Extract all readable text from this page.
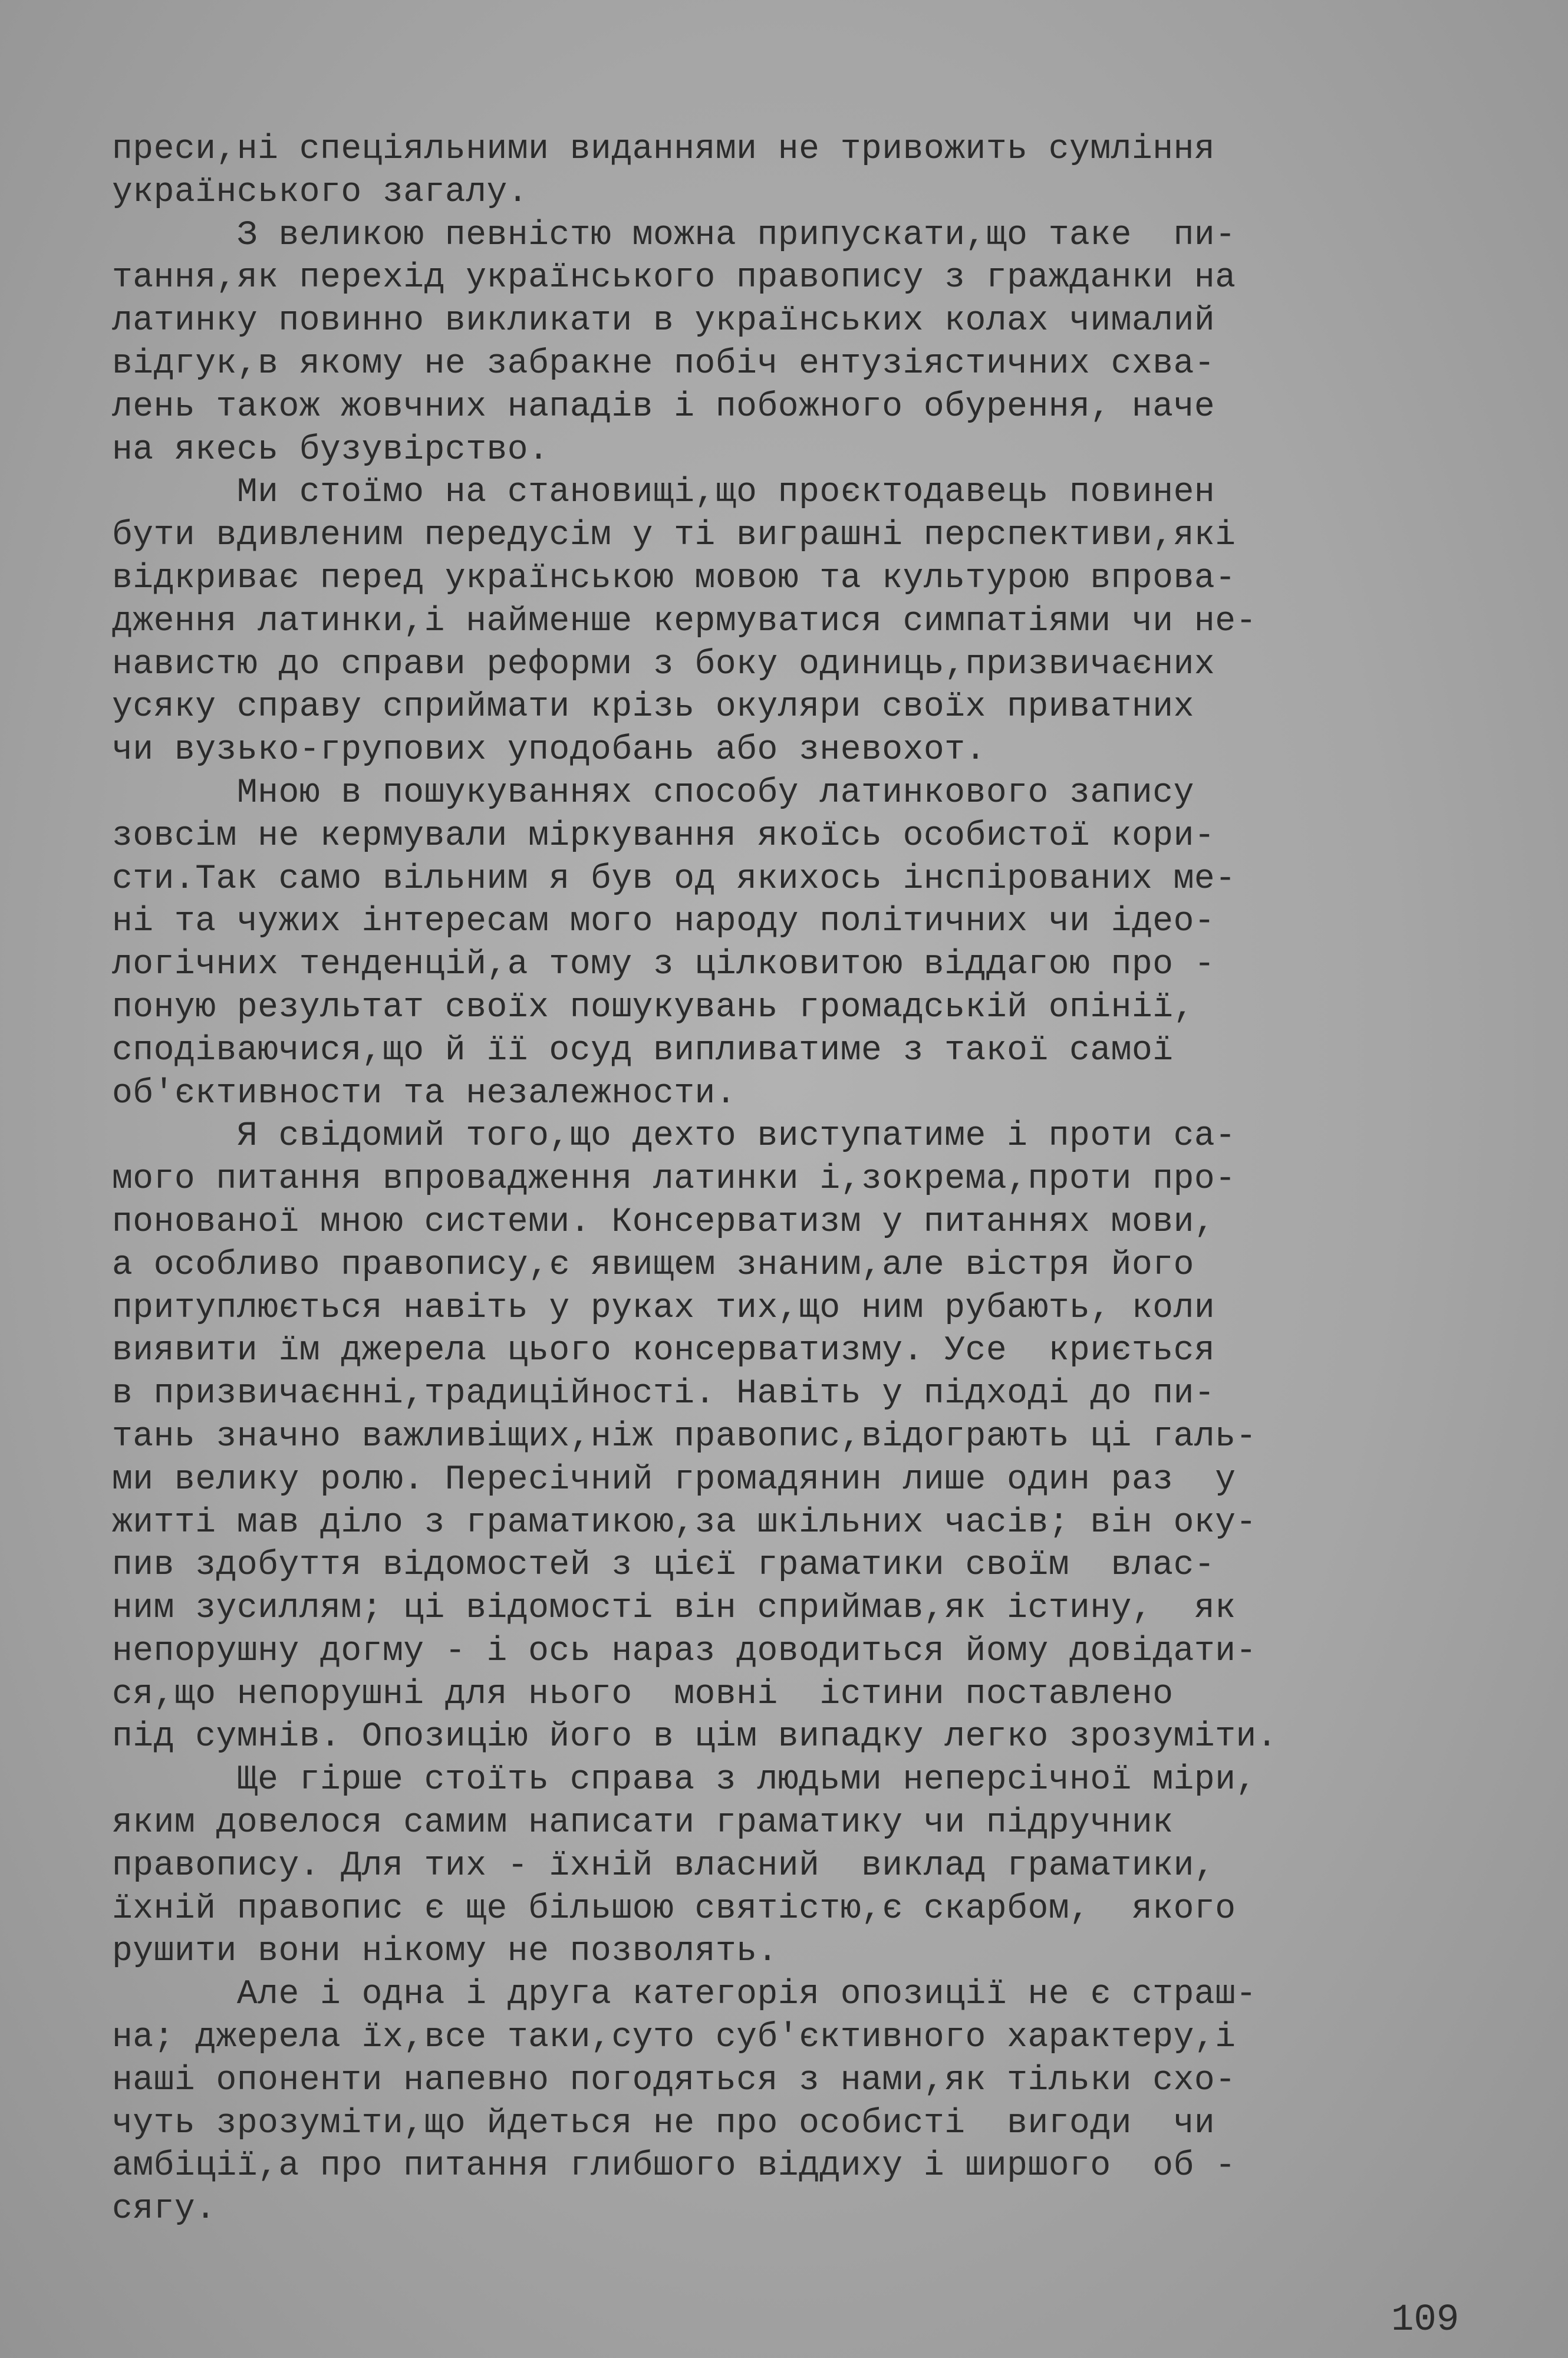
преси,ні спеціяльними виданнями не тривожить сумління
українського загалу.
З великою певністю можна припускати,що таке  пи-
тання,як перехід українського правопису з гражданки на
латинку повинно викликати в українських колах чималий
відгук,в якому не забракне побіч ентузіястичних схва-
лень також жовчних нападів і побожного обурення, наче
на якесь бузувірство.
Ми стоїмо на становищі,що проєктодавець повинен
бути вдивленим передусім у ті виграшні перспективи,які
відкриває перед українською мовою та культурою впрова-
дження латинки,і найменше кермуватися симпатіями чи не-
навистю до справи реформи з боку одиниць,призвичаєних
усяку справу сприймати крізь окуляри своїх приватних
чи вузько-групових уподобань або зневохот.
Мною в пошукуваннях способу латинкового запису
зовсім не кермували міркування якоїсь особистої кори-
сти.Так само вільним я був од якихось інспірованих ме-
ні та чужих інтересам мого народу політичних чи ідео-
логічних тенденцій,а тому з цілковитою віддагою про -
поную результат своїх пошукувань громадській опінії,
сподіваючися,що й її осуд випливатиме з такої самої
об'єктивности та незалежности.
Я свідомий того,що дехто виступатиме і проти са-
мого питання впровадження латинки і,зокрема,проти про-
понованої мною системи. Консерватизм у питаннях мови,
а особливо правопису,є явищем знаним,але вістря його
притуплюється навіть у руках тих,що ним рубають, коли
виявити їм джерела цього консерватизму. Усе  криється
в призвичаєнні,традиційності. Навіть у підході до пи-
тань значно важливіщих,ніж правопис,відограють ці галь-
ми велику ролю. Пересічний громадянин лише один раз  у
житті мав діло з граматикою,за шкільних часів; він оку-
пив здобуття відомостей з цієї граматики своїм  влас-
ним зусиллям; ці відомості він сприймав,як істину,  як
непорушну догму - і ось нараз доводиться йому довідати-
ся,що непорушні для нього  мовні  істини поставлено
під сумнів. Опозицію його в цім випадку легко зрозуміти.
Ще гірше стоїть справа з людьми неперсічної міри,
яким довелося самим написати граматику чи підручник
правопису. Для тих - їхній власний  виклад граматики,
їхній правопис є ще більшою святістю,є скарбом,  якого
рушити вони нікому не позволять.
Але і одна і друга категорія опозиції не є страш-
на; джерела їх,все таки,суто суб'єктивного характеру,і
наші опоненти напевно погодяться з нами,як тільки схо-
чуть зрозуміти,що йдеться не про особисті  вигоди  чи
амбіції,а про питання глибшого віддиху і ширшого  об -
сягу.
109
